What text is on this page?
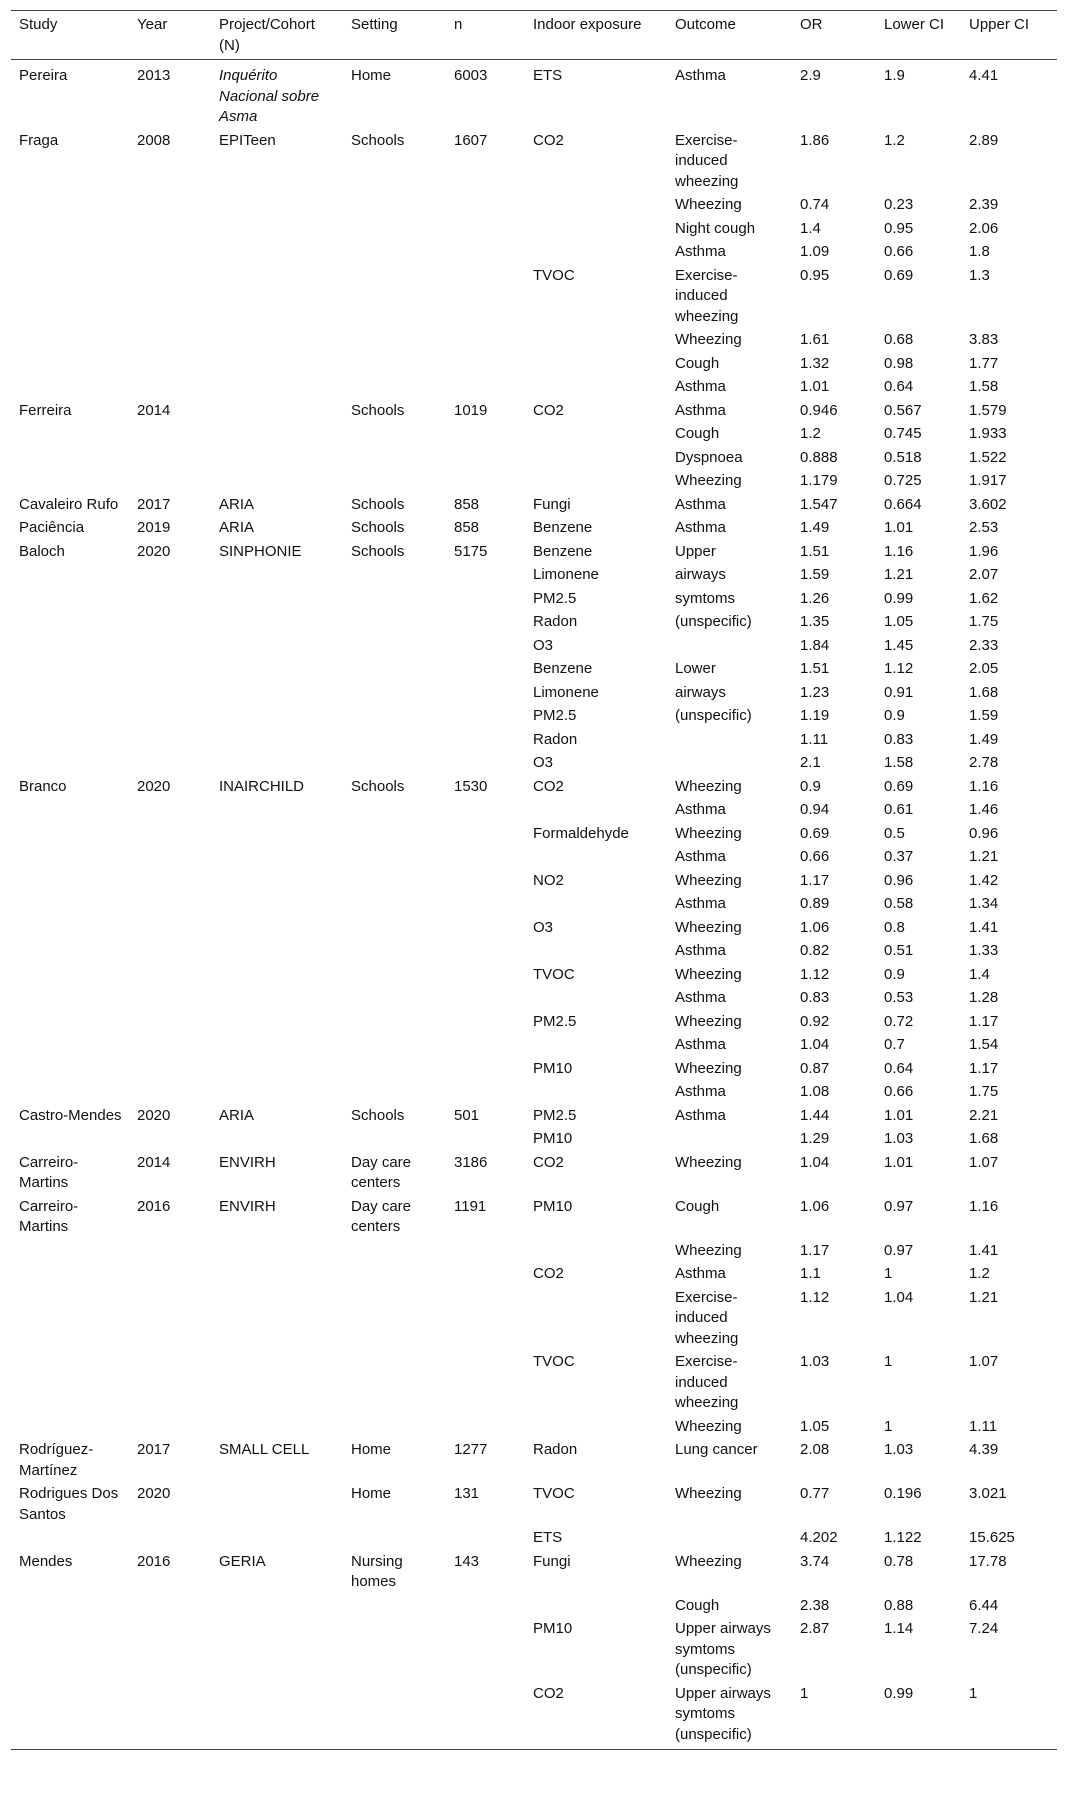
Study	Year	Project/Cohort (N)	Setting	n	Indoor exposure	Outcome	OR	Lower CI	Upper CI
Pereira	2013	Inquérito Nacional sobre Asma	Home	6003	ETS	Asthma	2.9	1.9	4.41
Fraga	2008	EPITeen	Schools	1607	CO2	Exercise-induced wheezing	1.86	1.2	2.89
						Wheezing	0.74	0.23	2.39
						Night cough	1.4	0.95	2.06
						Asthma	1.09	0.66	1.8
					TVOC	Exercise-induced wheezing	0.95	0.69	1.3
						Wheezing	1.61	0.68	3.83
						Cough	1.32	0.98	1.77
						Asthma	1.01	0.64	1.58
Ferreira	2014		Schools	1019	CO2	Asthma	0.946	0.567	1.579
						Cough	1.2	0.745	1.933
						Dyspnoea	0.888	0.518	1.522
						Wheezing	1.179	0.725	1.917
Cavaleiro Rufo	2017	ARIA	Schools	858	Fungi	Asthma	1.547	0.664	3.602
Paciência	2019	ARIA	Schools	858	Benzene	Asthma	1.49	1.01	2.53
Baloch	2020	SINPHONIE	Schools	5175	Benzene	Upper	1.51	1.16	1.96
					Limonene	airways	1.59	1.21	2.07
					PM2.5	symtoms	1.26	0.99	1.62
					Radon	(unspecific)	1.35	1.05	1.75
					O3		1.84	1.45	2.33
					Benzene	Lower	1.51	1.12	2.05
					Limonene	airways	1.23	0.91	1.68
					PM2.5	(unspecific)	1.19	0.9	1.59
					Radon		1.11	0.83	1.49
					O3		2.1	1.58	2.78
Branco	2020	INAIRCHILD	Schools	1530	CO2	Wheezing	0.9	0.69	1.16
						Asthma	0.94	0.61	1.46
					Formaldehyde	Wheezing	0.69	0.5	0.96
						Asthma	0.66	0.37	1.21
					NO2	Wheezing	1.17	0.96	1.42
						Asthma	0.89	0.58	1.34
					O3	Wheezing	1.06	0.8	1.41
						Asthma	0.82	0.51	1.33
					TVOC	Wheezing	1.12	0.9	1.4
						Asthma	0.83	0.53	1.28
					PM2.5	Wheezing	0.92	0.72	1.17
						Asthma	1.04	0.7	1.54
					PM10	Wheezing	0.87	0.64	1.17
						Asthma	1.08	0.66	1.75
Castro-Mendes	2020	ARIA	Schools	501	PM2.5	Asthma	1.44	1.01	2.21
					PM10		1.29	1.03	1.68
Carreiro-Martins	2014	ENVIRH	Day care centers	3186	CO2	Wheezing	1.04	1.01	1.07
Carreiro-Martins	2016	ENVIRH	Day care centers	1191	PM10	Cough	1.06	0.97	1.16
						Wheezing	1.17	0.97	1.41
					CO2	Asthma	1.1	1	1.2
						Exercise-induced wheezing	1.12	1.04	1.21
					TVOC	Exercise-induced wheezing	1.03	1	1.07
						Wheezing	1.05	1	1.11
Rodríguez-Martínez	2017	SMALL CELL	Home	1277	Radon	Lung cancer	2.08	1.03	4.39
Rodrigues Dos Santos	2020		Home	131	TVOC	Wheezing	0.77	0.196	3.021
					ETS		4.202	1.122	15.625
Mendes	2016	GERIA	Nursing homes	143	Fungi	Wheezing	3.74	0.78	17.78
						Cough	2.38	0.88	6.44
					PM10	Upper airways symtoms (unspecific)	2.87	1.14	7.24
					CO2	Upper airways symtoms (unspecific)	1	0.99	1
